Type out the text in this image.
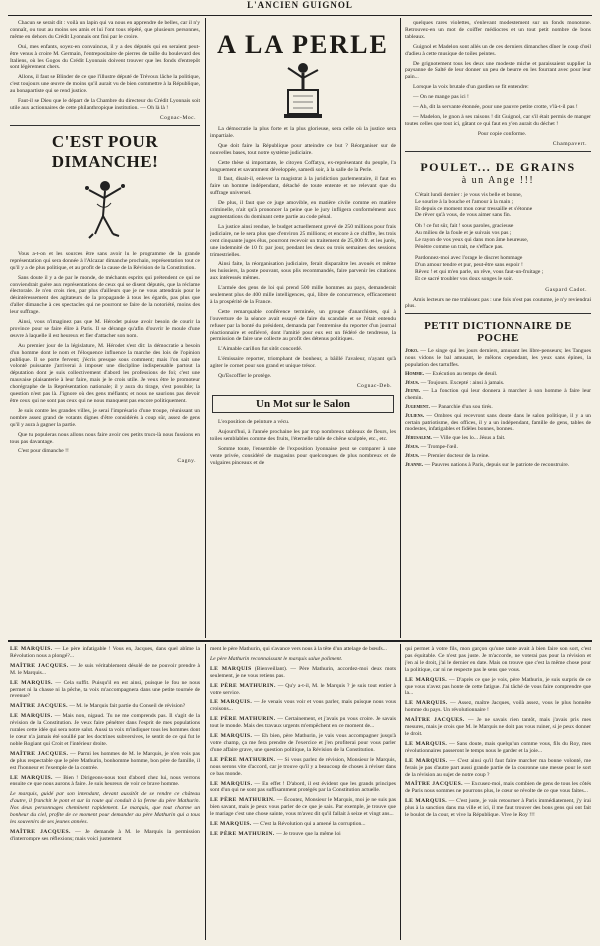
L'ANCIEN GUIGNOL

Chacun se serait dit : voilà un lapin qui va nous en apprendre de belles, car il n'y connaît, ou tout au moins ses amis et lui l'ont tous répété, que plusieurs personnes, même en dehors du Crédit Lyonnais ont fini par le croire.

Oui, mes enfants, soyez-en convaincus, il y a des députés qui en seraient peut-être venus à croire M. Germain, l'entrepositaire de pierres de taille du boulevard des Italiens, où les Gogos du Crédit Lyonnais doivent trouver que les fonds d'entrepôt sont légèrement chers.

Allons, il faut se Blinder de ce que l'illustre député de Trévoux lâche la politique, c'est toujours une œuvre de moins qu'il aurait vu de bien commettre à la République, au bonapartiste qui se rend justice.

Faut-il se Dieu que le départ de la Chambre du directeur du Crédit Lyonnais soit utile aux actionnaires de cette philanthropique institution. — Oh là là !

Cognac-Moc.
C'EST POUR DIMANCHE!

Vous a-t-on et les sources être sans avoir lu le programme de la grande représentation qui sera donnée à l'Alcazar dimanche prochain, représentation tout ce qu'il y a de plus politique, et au profit de la cause de la Révision de la Constitution.

Sans doute il y a de par le monde, de méchants esprits qui prétendent ce qui ne conviendrait guère aux représentations de ceux qui se disent députés, que la réclame électorale. Je n'en crois rien, par plus d'ailleurs que je ne vous attendrais pour le désintéressement des agitateurs de la propagande à tous les égards, pas plus que d'aller dimanche à ces spectacles qui ne pourront se faire de la notoriété, moins des leur suffrage.

Ainsi, vous n'imaginez pas que M. Hérodet puisse avoir besoin de courir la province pour se faire élire à Paris. Il se dérange qu'afin d'ouvrir le moule d'une œuvre à laquelle il est heureux et fier d'attacher son nom.

Au premier jour de la législature, M. Hérodet s'est dit: la démocratie a besoin d'un homme dont le nom et l'éloquence influence la marche des lois de l'opinion publique. Il se porte fervent; j'écris presque sous comment; mais l'on sait une volonté puissante j'arriverai à imposer une discipline indispensable partout la députation dont je suis collectivement d'abord les professions de foi; c'est une mauvaise plaisanterie à leur faire, mais je le crois utile. Je veux être le promoteur chorégraphe de la Représentation nationale; il y aura du tirage, s'est possible; la question n'est pas là. J'ignore où des gens méfiants; et nous ne saurions pas devoir être ceux qui ne sont pas ceux qui ne nous manquent pas encore politiquement.

Je suis contre les grandes villes, je serai l'imprésario d'une troupe, réunissant un nombre assez grand de votants dignes d'être considérés à coup sûr, assez de gens qu'il y aura à gagner la partie.

Que tu populeras nous allons nous faire avoir ces petits trucs-là nous fussions en tous pas davantage.

C'est pour dimanche !!

Cagny.
A LA PERLE

La démocratie la plus forte et la plus glorieuse, sera celle où la justice sera impartiale.

Que doit faire la République pour atteindre ce but ? Réorganiser sur de nouvelles bases, tout notre système judiciaire.

Cette thèse si importante, le citoyen Coffatyu, ex-représentant du peuple, l'a longuement et savamment développée, samedi soir, à la salle de la Perle.

Il faut, disait-il, enlever la magistrat à la juridiction parlementaire, il faut en faire un homme indépendant, détaché de toute entente et ne relevant que du suffrage universel.

De plus, il faut que ce juge amovible, en matière civile comme en matière criminelle, n'ait qu'à prononcer la peine que le jury infligera conformément aux augmentations du dominant cette partie au code pénal.

La justice ainsi rendue, le budget actuellement grevé de 250 millions pour frais judiciaire, ne le sera plus que d'environ 25 millions; et encore à ce chiffre, les trois cent cinquante juges élus, pourront recevoir un traitement de 25,000 fr. et les jurés, une indemnité de 10 fr. par jour, pendant les deux ou trois semaines des sessions trimestrielles.

Ainsi faite, la réorganisation judiciaire, ferait disparaître les avoués et même les huissiers, la poste pouvant, sous plis recommandés, faire parvenir les citations aux intéressés mêmes.

L'armée des gens de loi qui prend 500 mille hommes au pays, demanderait seulement plus de 400 mille intelligences, qui, libre de concurrence, efficacement à la prospérité de la France.

Cette remarquable conférence terminée, un groupe d'anarchistes, qui à l'ouverture de la séance avait essayé de faire du scandale et se l'était entendu refuser par la bonté du président, demanda par l'entremise du reporter d'un journal réactionnaire et enfiévré, dont l'amitié pour eux est un fédéré de tendresse, la permission de faire une collecte au profit des détenus politiques.

L'Aimable carillon fut sitôt concordé.

L'émissaire reporter, triomphant de bonheur, a bâillé l'avaleur, n'ayant qu'à agiter le cornet pour son grand et unique trésor.

Qu'Escoffier le protège.

Cognac-Deb.
Un Mot sur le Salon

L'exposition de peinture a vécu.

Aujourd'hui, à l'année prochaine les par trop nombreux tableaux de fleurs, les toiles semblables comme des fruits, l'éternelle table de chêne sculptée, etc., etc.

Somme toute, l'ensemble de l'exposition lyonnaise peut se comparer à une vente privée, considéré de magasins pour quelconques de plus nombreux et de vulgaires pinceaux et de

quelques rares violettes, s'enlevant modestement sur un fonds monotone. Retrouvez-en un mot de coiffer médiocres et un tout petit nombre de bons tableaux.

Guignol et Madelon sont allés un de ces derniers dimanches dîner le coup d'œil d'adieu à cette musique de toiles peintes.

De grignotement tous les deux une modeste miche et paraissaient supplier la paysanne de Salté de leur donner un peu de beurre en les fourrant avec pour leur pain...

Lorsque la voix brutale d'un gardien se fit entendre:

— On ne mange pas ici !

— Ah, dit la servante étonnée, pour une pauvre petite crotte, v'là-t-il pas !

— Madelon, le gnon à ses raisons ! dit Guignol, car s'il était permis de manger toutes celles que tout ici, gâtant ce qui faut en y'en aurait du déchet !

Pour copie conforme.

Champavert.
POULET... DE GRAINS
à un Ange !!!
C'était lundi dernier : je vous vis belle et bonne,
Le sourire à la bouche et l'amour à la main ;
Et depuis ce moment mon cœur tressaille et s'étonne
De rêver qu'à vous, de vous aimer sans fin.
Oh ! ce fut sûr, fait ! sous paroles, gracieuse
Au milieu de la foule et je suivais vos pas ;
Le rayon de vos yeux qui dans mon âme heureuse,
Pénètre comme un trait, ne s'efface pas.
Pardonnez-moi avec l'orage le discret hommage
D'un amour tendre et pur, peut-être sans espoir !
Rêvez ! et qui m'en parle, un rêve, vous faut-un-fruitage ;
Et ce sacré troubler vos doux songes le soir.
Gaspard Cadot.

Amis lecteurs ne me trahissez pas : une fois n'est pas coutume, je n'y reviendrai plus.

PETIT DICTIONNAIRE DE POCHE
Joko. — Le singe qui les jours derniers, amusant les libre-penseurs; les Tangues nous vidons le bal amusant, le mêlons cependant, les yeux sans épines, la population des tartuffes.
Homme. — Exécution au temps de deuil.
Jésus. — Toujours. Excepté : ainsi à jamais.
Jeune. — La fonction qui leur donnera à marcher à son homme à faire leur chemin.
Jugement. — Panarchie d'un sou tirés.
Juliens. — Ombres qui recevront sans doute dans le salon politique, il y a un certain patriotisme, des offices, il y a un indépendant, famille de gens, tables de modestes, infatigables et fidèles bonnes, bonnes.
Jérusalem. — Ville que les lo... Jésus a fait.
Jésus. — Trompe-l'œil.
Jésus. — Premier docteur de la reine.
Jeanne. — Pauvres nations à Paris, depuis sur le patriote de reconstruire.

LE MARQUIS. — Le père infatigable ! Vous en, Jacques, dans quel abîme la Révolution nous a plongé?...

MAÎTRE JACQUES. — Je suis véritablement désolé de ne pouvoir prendre à M. le Marquis...

LE MARQUIS. — Cela suffit. Puisqu'il en est ainsi, puisque le fou ne nous permet ni la chasse ni la pêche, ta voix m'accompagnera dans une petite tournée de revenue?

MAÎTRE JACQUES. — M. le Marquis fait partie du Conseil de révision?

LE MARQUIS. — Mais non, nigaud. Tu ne me comprends pas. Il s'agit de la révision de la Constitution. Je veux faire pénétrer dans l'esprit de mes populations rurales cette idée qui sera notre salut. Aussi ta voix m'indiquer tous les hommes dont le cœur n'a jamais été souillé par les doctrines subversives, le sentit de ce qui fut le noble Rogiant qui Croit et l'intérieur droite.

MAÎTRE JACQUES. — Parmi les hommes de M. le Marquis, je n'en vois pas de plus respectable que le père Mathurin, bonhomme homme, bon père de famille, il est l'honneur et l'exemple de la contrée.

LE MARQUIS. — Bien ! Dirigeons-nous tout d'abord chez lui, nous verrons ensuite ce que nous aurons à faire. Je suis heureux de voir ce brave homme.

Le marquis, guidé par son intendant, devant aussitôt de se rendre ce château d'autre, il franchit le pont et sur la route qui conduit à la ferme du père Mathurin. Nos deux personnages cheminent rapidement. Le marquis, que tout charme un bonheur du ciel, profite de ce moment pour demander au père Mathurin qui a tous les souvenirs de ses jeunes années.

MAÎTRE JACQUES. — Je demande à M. le Marquis la permission d'interrompre ses réflexions; mais voici justement

ment le père Mathurin, qui s'avance vers nous à la tête d'un attelage de bœufs...

Le père Mathurin reconnaissant le marquis salue poliment.

LE MARQUIS (Bienveillant). — Père Mathurin, accordez-moi deux mots seulement, je ne vous retiens pas.

LE PÈRE MATHURIN. — Qu'y a-t-il, M. le Marquis ? je suis tout entier à votre service.

LE MARQUIS. — Je venais vous voir et vous parler, mais puisque nous vous croisons...

LE PÈRE MATHURIN. — Certainement, et j'avais pu vous croire. Je savais tout le monde. Mais des travaux urgents m'empêchent en ce moment de...

LE MARQUIS. — Eh bien, père Mathurin, je vais vous accompagner jusqu'à votre champ, ça me fera prendre de l'exercice et j'en profiterai pour vous parler d'une affaire grave, une question politique, la Révision de la Constitution.

LE PÈRE MATHURIN. — Si vous parlez de révision, Monsieur le Marquis, nous serons vite d'accord, car je trouve qu'il y a beaucoup de choses à réviser dans ce bas monde.

LE MARQUIS. — En effet ! D'abord, il est évident que les grands principes sont d'un qui ne sont pas suffisamment protégés par la Constitution actuelle.

LE PÈRE MATHURIN. — Écoutez, Monsieur le Marquis, moi je ne suis pas bien savant, mais je peux vous parler de ce que je sais. Par exemple, je trouve que le mariage c'est une chose sainte, vous m'avez dit qu'il fallait à seize et vingt ans...

LE MARQUIS. — C'est la Révolution qui a amené la corruption...

LE PÈRE MATHURIN. — Je trouve que la même loi

qui permet à votre fils, mon garçon qu'une tante avait à bien faire son sort, c'est pas équitable. Ce n'est pas juste. Je m'accorde, ne voterai pas pour la révision et j'en ai le droit, j'ai le dernier en date. Mais on trouve que c'est la même chose pour la politique, car ni ne respecte pas le sens que vous.

LE MARQUIS. — D'après ce que je vois, père Mathurin, je suis surpris de ce que vous n'avez pas honte de cette fatigue. J'ai tâché de vous faire comprendre que la...

LE MARQUIS. — Assez, maître Jacques, voilà assez, vous le plus honnête homme du pays. Un révolutionnaire !

MAÎTRE JACQUES. — Je ne savais rien tantôt, mais j'avais pris mes mesures, mais je crois que M. le Marquis ne doit pas vous ruiner, si je peux donner le droit.

LE MARQUIS. — Sans doute, mais quelqu'un comme vous, fils du Roy, mes révolutionnaires passeront le temps nous le garder et la joie...

LE MARQUIS. — C'est ainsi qu'il faut faire marcher ma bonne volonté, me ferais je pas d'autre part aussi grande partie de la couronne une messe pour le sort de la révision au sujet de notre coup ?

MAÎTRE JACQUES. — Excusez-moi, mais combien de gens de tous les côtés de Paris nous sommes ne pourrons plus, le cœur se révolte de ce que vous faites...

LE MARQUIS. — C'est juste, je vais retourner à Paris immédiatement, j'y irai plus à la sanction dans ma ville et ici, il me faut trouver des bons gens qui ont fait le boulot de la cour, et vive la République. Vive le Roy !!!
